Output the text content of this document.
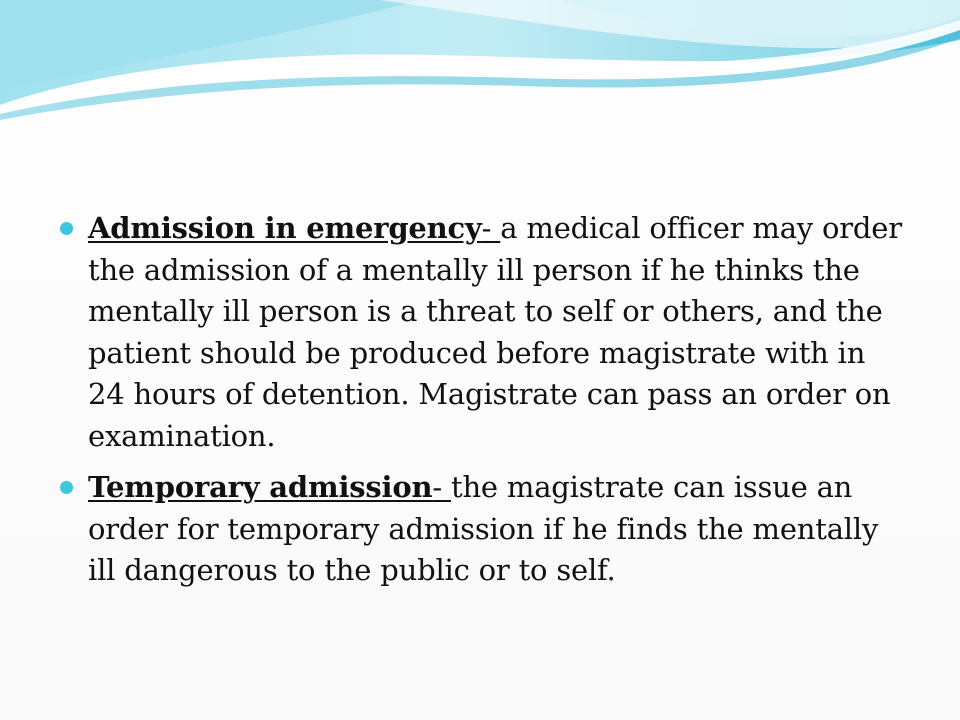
Admission in emergency- a medical officer may order the admission of a mentally ill person if he thinks the mentally ill person is a threat to self or others, and the patient should be produced before magistrate with in 24 hours of detention. Magistrate can pass an order on examination.
Temporary admission- the magistrate can issue an order for temporary admission if he finds the mentally ill dangerous to the public or to self.
